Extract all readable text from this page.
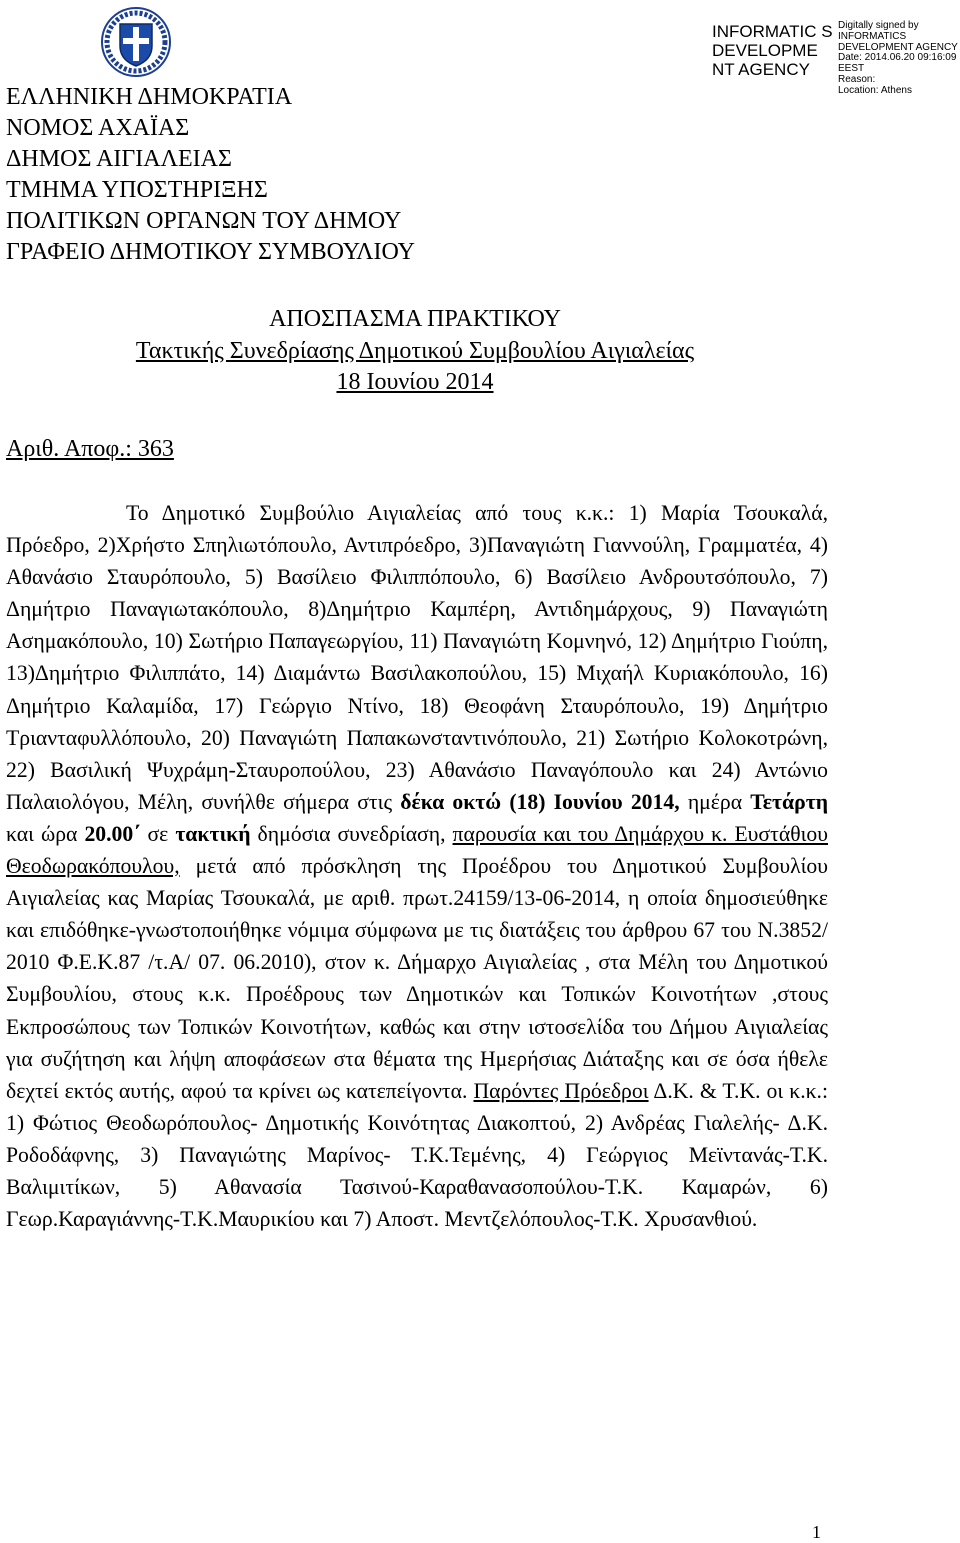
INFORMATIC S DEVELOPME NT AGENCY
Digitally signed by
INFORMATICS
DEVELOPMENT AGENCY
Date: 2014.06.20 09:16:09
EEST
Reason:
Location: Athens
ΕΛΛΗΝΙΚΗ ΔΗΜΟΚΡΑΤΙΑ
ΝΟΜΟΣ ΑΧΑΪΑΣ
ΔΗΜΟΣ ΑΙΓΙΑΛΕΙΑΣ
ΤΜΗΜΑ ΥΠΟΣΤΗΡΙΞΗΣ
ΠΟΛΙΤΙΚΩΝ ΟΡΓΑΝΩΝ ΤΟΥ ΔΗΜΟΥ
ΓΡΑΦΕΙΟ ΔΗΜΟΤΙΚΟΥ ΣΥΜΒΟΥΛΙΟΥ
ΑΠΟΣΠΑΣΜΑ ΠΡΑΚΤΙΚΟΥ
Τακτικής Συνεδρίασης Δημοτικού Συμβουλίου Αιγιαλείας
18 Ιουνίου 2014
Αριθ. Αποφ.: 363

Το Δημοτικό Συμβούλιο Αιγιαλείας από τους κ.κ.: 1) Μαρία Τσουκαλά, Πρόεδρο, 2)Χρήστο Σπηλιωτόπουλο, Αντιπρόεδρο, 3)Παναγιώτη Γιαννούλη, Γραμματέα, 4) Αθανάσιο Σταυρόπουλο, 5) Βασίλειο Φιλιππόπουλο, 6) Βασίλειο Ανδρουτσόπουλο, 7) Δημήτριο Παναγιωτακόπουλο, 8)Δημήτριο Καμπέρη, Αντιδημάρχους, 9) Παναγιώτη Ασημακόπουλο, 10) Σωτήριο Παπαγεωργίου, 11) Παναγιώτη Κομνηνό, 12) Δημήτριο Γιούπη, 13)Δημήτριο Φιλιππάτο, 14) Διαμάντω Βασιλακοπούλου, 15) Μιχαήλ Κυριακόπουλο, 16) Δημήτριο Καλαμίδα, 17) Γεώργιο Ντίνο, 18) Θεοφάνη Σταυρόπουλο, 19) Δημήτριο Τριανταφυλλόπουλο, 20) Παναγιώτη Παπακωνσταντινόπουλο, 21) Σωτήριο Κολοκοτρώνη, 22) Βασιλική Ψυχράμη-Σταυροπούλου, 23) Αθανάσιο Παναγόπουλο και 24) Αντώνιο Παλαιολόγου, Μέλη, συνήλθε σήμερα στις δέκα οκτώ (18) Ιουνίου 2014, ημέρα Τετάρτη και ώρα 20.00΄ σε τακτική δημόσια συνεδρίαση, παρουσία και του Δημάρχου κ. Ευστάθιου Θεοδωρακόπουλου, μετά από πρόσκληση της Προέδρου του Δημοτικού Συμβουλίου Αιγιαλείας κας Μαρίας Τσουκαλά, με αριθ. πρωτ.24159/13-06-2014, η οποία δημοσιεύθηκε και επιδόθηκε-γνωστοποιήθηκε νόμιμα σύμφωνα με τις διατάξεις του άρθρου 67 του Ν.3852/ 2010 Φ.Ε.Κ.87 /τ.Α/ 07. 06.2010), στον κ. Δήμαρχο Αιγιαλείας , στα Μέλη του Δημοτικού Συμβουλίου, στους κ.κ. Προέδρους των Δημοτικών και Τοπικών Κοινοτήτων ,στους Εκπροσώπους των Τοπικών Κοινοτήτων, καθώς και στην ιστοσελίδα του Δήμου Αιγιαλείας για συζήτηση και λήψη αποφάσεων στα θέματα της Ημερήσιας Διάταξης και σε όσα ήθελε δεχτεί εκτός αυτής, αφού τα κρίνει ως κατεπείγοντα. Παρόντες Πρόεδροι Δ.Κ. & Τ.Κ. οι κ.κ.: 1) Φώτιος Θεοδωρόπουλος- Δημοτικής Κοινότητας Διακοπτού, 2) Ανδρέας Γιαλελής- Δ.Κ. Ροδοδάφνης, 3) Παναγιώτης Μαρίνος- Τ.Κ.Τεμένης, 4) Γεώργιος Μεϊντανάς-Τ.Κ. Βαλιμιτίκων, 5) Αθανασία Τασινού-Καραθανασοπούλου-Τ.Κ. Καμαρών, 6) Γεωρ.Καραγιάννης-Τ.Κ.Μαυρικίου και 7) Αποστ. Μεντζελόπουλος-Τ.Κ. Χρυσανθιού.

1
